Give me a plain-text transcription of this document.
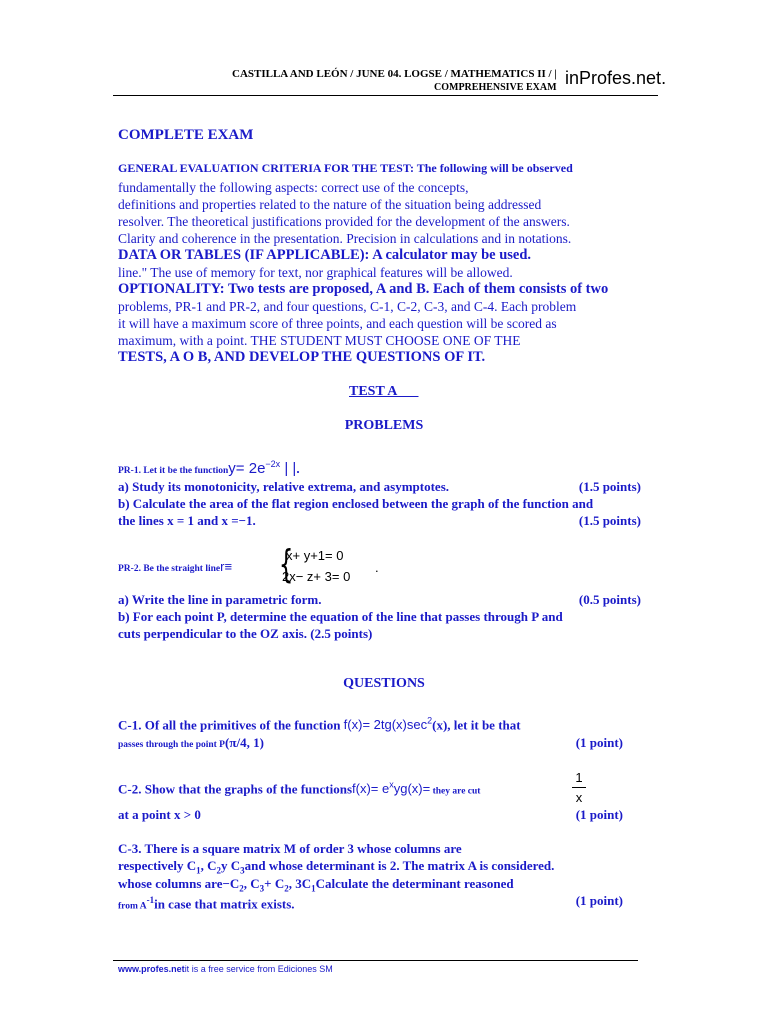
CASTILLA AND LEÓN / JUNE 04. LOGSE / MATHEMATICS II / |
COMPREHENSIVE EXAM inProfes.net.
COMPLETE EXAM
GENERAL EVALUATION CRITERIA FOR THE TEST: The following will be observed
fundamentally the following aspects: correct use of the concepts,
definitions and properties related to the nature of the situation being addressed
resolver. The theoretical justifications provided for the development of the answers.
Clarity and coherence in the presentation. Precision in calculations and in notations.
DATA OR TABLES (IF APPLICABLE): A calculator may be used.
line." The use of memory for text, nor graphical features will be allowed.
OPTIONALITY: Two tests are proposed, A and B. Each of them consists of two
problems, PR-1 and PR-2, and four questions, C-1, C-2, C-3, and C-4. Each problem
it will have a maximum score of three points, and each question will be scored as
maximum, with a point. THE STUDENT MUST CHOOSE ONE OF THE
TESTS, A O B, AND DEVELOP THE QUESTIONS OF IT.
TEST A___
PROBLEMS
PR-1. Let it be the functiony= $2e^{-2x}$ | |.
a) Study its monotonicity, relative extrema, and asymptotes.	(1.5 points)
b) Calculate the area of the flat region enclosed between the graph of the function and
the lines x = 1 and x =−1.	(1.5 points)
PR-2. Be the straight liner≡	{
x+ y+1= 0
2x− z+ 3= 0
.
a) Write the line in parametric form.	(0.5 points)
b) For each point P, determine the equation of the line that passes through P and
cuts perpendicular to the OZ axis. (2.5 points)
QUESTIONS
C-1. Of all the primitives of the function $f(x)= 2tg(x)\sec^2(x)$, let it be that
passes through the point P(π/4, 1)	(1 point)
C-2. Show that the graphs of the functionsf(x)= $e^xyg(x)=$ they are cut
1
x
at a point x > 0	(1 point)
C-3. There is a square matrix M of order 3 whose columns are
respectively $C_1$, $C_2y$ $C_3and$ whose determinant is 2. The matrix A is considered.
whose columns $are-C_2$, $C_3+ C_2$, $3C_1Calculate$ the determinant reasoned
from $A^{-1}in$ case that matrix exists.	(1 point)
www.profes.netit is a free service from Ediciones SM
